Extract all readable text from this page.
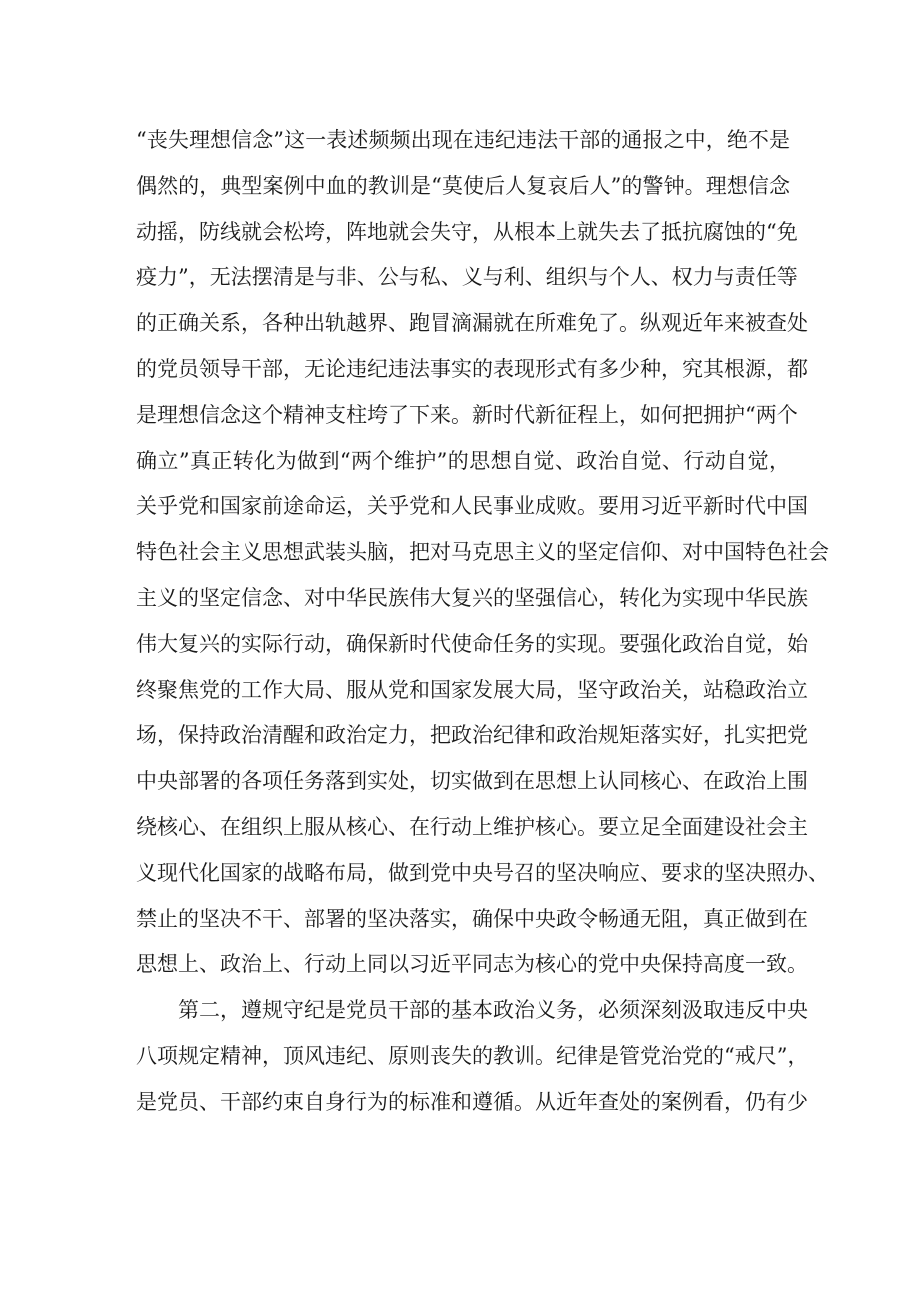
“丧失理想信念”这一表述频频出现在违纪违法干部的通报之中，绝不是
偶然的，典型案例中血的教训是“莫使后人复哀后人”的警钟。理想信念
动摇，防线就会松垮，阵地就会失守，从根本上就失去了抵抗腐蚀的“免
疫力”，无法摆清是与非、公与私、义与利、组织与个人、权力与责任等
的正确关系，各种出轨越界、跑冒滴漏就在所难免了。纵观近年来被查处
的党员领导干部，无论违纪违法事实的表现形式有多少种，究其根源，都
是理想信念这个精神支柱垮了下来。新时代新征程上，如何把拥护“两个
确立”真正转化为做到“两个维护”的思想自觉、政治自觉、行动自觉，
关乎党和国家前途命运，关乎党和人民事业成败。要用习近平新时代中国
特色社会主义思想武装头脑，把对马克思主义的坚定信仰、对中国特色社会
主义的坚定信念、对中华民族伟大复兴的坚强信心，转化为实现中华民族
伟大复兴的实际行动，确保新时代使命任务的实现。要强化政治自觉，始
终聚焦党的工作大局、服从党和国家发展大局，坚守政治关，站稳政治立
场，保持政治清醒和政治定力，把政治纪律和政治规矩落实好，扎实把党
中央部署的各项任务落到实处，切实做到在思想上认同核心、在政治上围
绕核心、在组织上服从核心、在行动上维护核心。要立足全面建设社会主
义现代化国家的战略布局，做到党中央号召的坚决响应、要求的坚决照办、
禁止的坚决不干、部署的坚决落实，确保中央政令畅通无阻，真正做到在
思想上、政治上、行动上同以习近平同志为核心的党中央保持高度一致。
第二，遵规守纪是党员干部的基本政治义务，必须深刻汲取违反中央
八项规定精神，顶风违纪、原则丧失的教训。纪律是管党治党的“戒尺”，
是党员、干部约束自身行为的标准和遵循。从近年查处的案例看，仍有少
